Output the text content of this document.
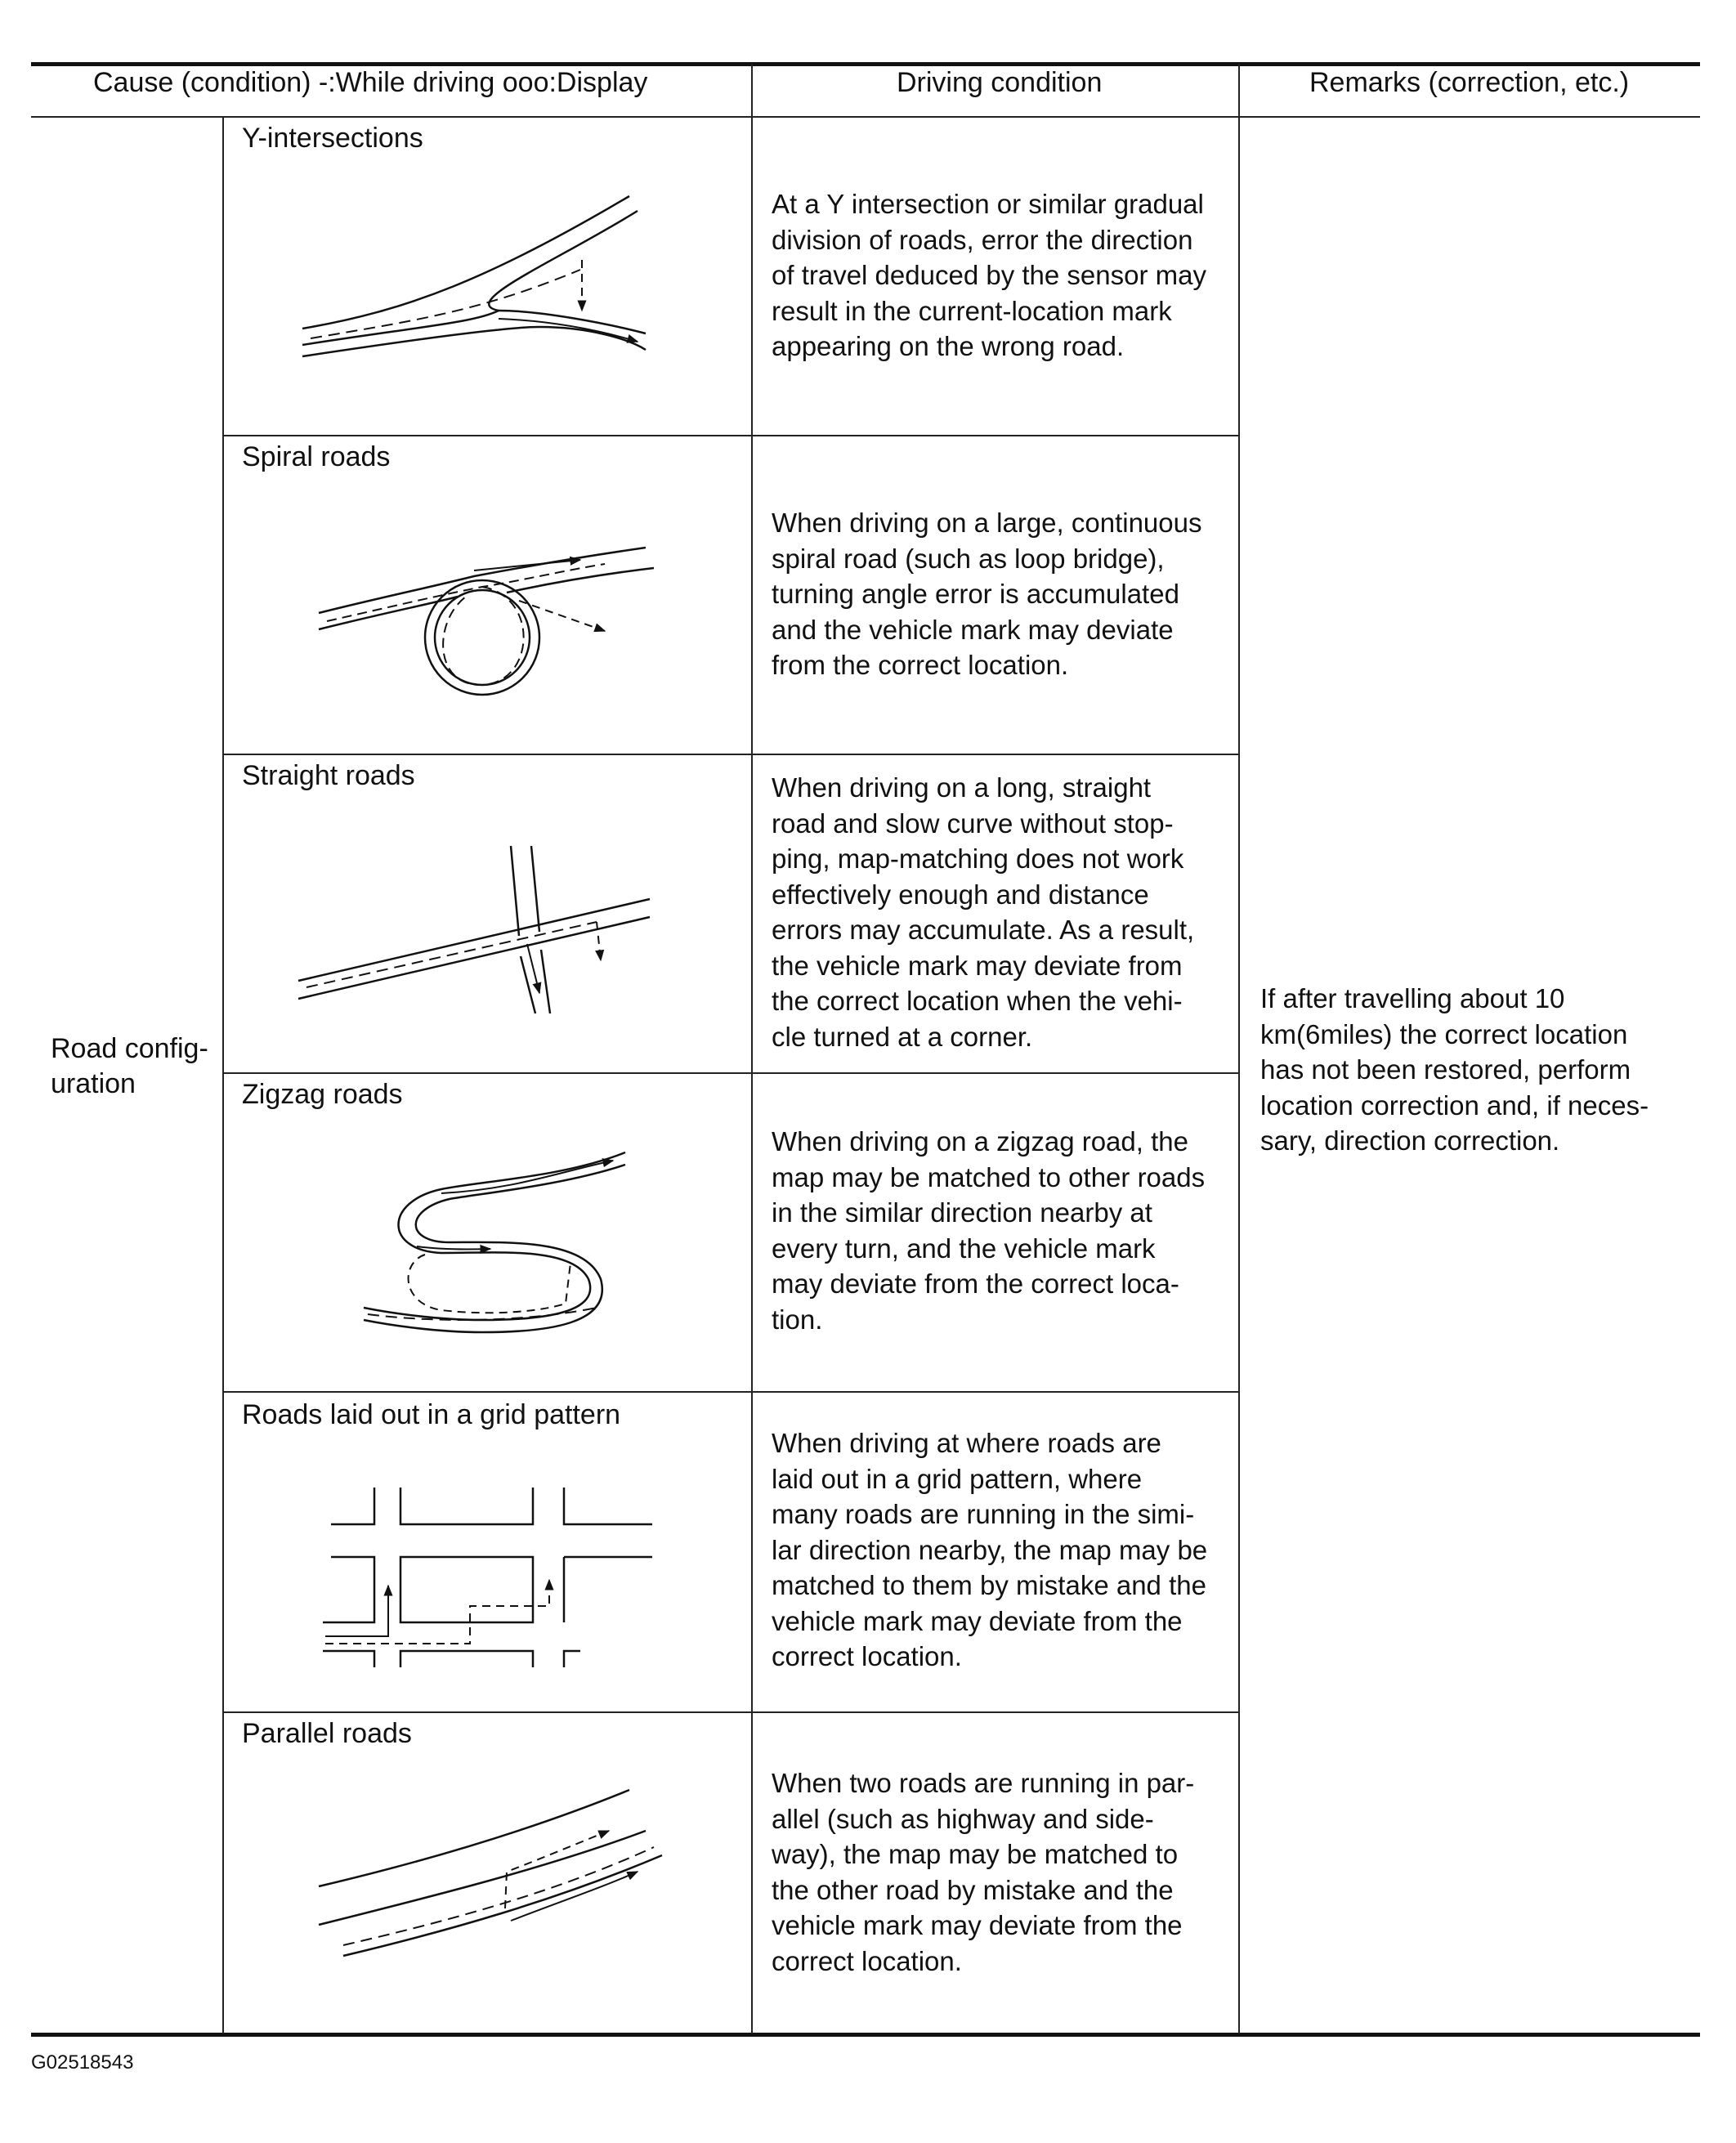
Cause (condition) -:While driving ooo:Display	Driving condition	Remarks (correction, etc.)
Road config-
uration
Y-intersections
Spiral roads
Straight roads
Zigzag roads
Roads laid out in a grid pattern
Parallel roads
At a Y intersection or similar gradual
division of roads, error the direction
of travel deduced by the sensor may
result in the current-location mark
appearing on the wrong road.
When driving on a large, continuous
spiral road (such as loop bridge),
turning angle error is accumulated
and the vehicle mark may deviate
from the correct location.
When driving on a long, straight
road and slow curve without stop-
ping, map-matching does not work
effectively enough and distance
errors may accumulate. As a result,
the vehicle mark may deviate from
the correct location when the vehi-
cle turned at a corner.
When driving on a zigzag road, the
map may be matched to other roads
in the similar direction nearby at
every turn, and the vehicle mark
may deviate from the correct loca-
tion.
When driving at where roads are
laid out in a grid pattern, where
many roads are running in the simi-
lar direction nearby, the map may be
matched to them by mistake and the
vehicle mark may deviate from the
correct location.
When two roads are running in par-
allel (such as highway and side-
way), the map may be matched to
the other road by mistake and the
vehicle mark may deviate from the
correct location.
If after travelling about 10
km(6miles) the correct location
has not been restored, perform
location correction and, if neces-
sary, direction correction.
G02518543
